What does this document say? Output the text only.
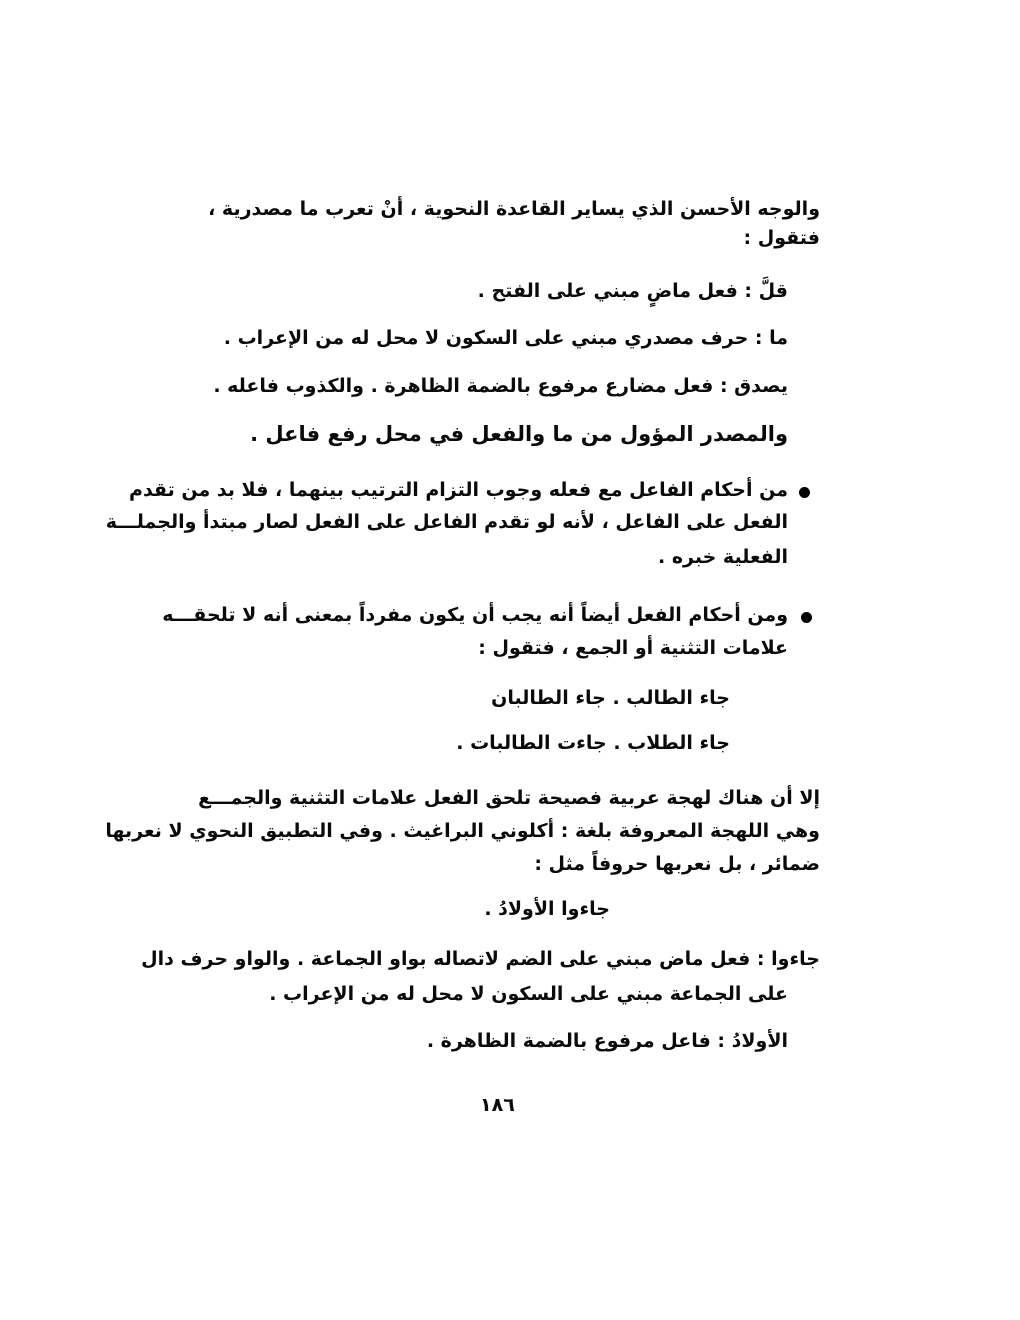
والوجه الأحسن الذي يساير القاعدة النحوية ، أنْ تعرب ما مصدرية ،
فتقول :
قلَّ : فعل ماضٍ مبني على الفتح .
ما : حرف مصدري مبني على السكون لا محل له من الإعراب .
يصدق : فعل مضارع مرفوع بالضمة الظاهرة . والكذوب فاعله .
والمصدر المؤول من ما والفعل في محل رفع فاعل .
من أحكام الفاعل مع فعله وجوب التزام الترتيب بينهما ، فلا بد من تقدم
الفعل على الفاعل ، لأنه لو تقدم الفاعل على الفعل لصار مبتدأ والجملـــة
الفعلية خبره .
ومن أحكام الفعل أيضاً أنه يجب أن يكون مفرداً بمعنى أنه لا تلحقـــه
علامات التثنية أو الجمع ، فتقول :
جاء الطالب . جاء الطالبان
جاء الطلاب . جاءت الطالبات .
إلا أن هناك لهجة عربية فصيحة تلحق الفعل علامات التثنية والجمـــع
وهي اللهجة المعروفة بلغة : أكلوني البراغيث . وفي التطبيق النحوي لا نعربها
ضمائر ، بل نعربها حروفاً مثل :
جاءوا الأولادُ .
جاءوا : فعل ماض مبني على الضم لاتصاله بواو الجماعة . والواو حرف دال
على الجماعة مبني على السكون لا محل له من الإعراب .
الأولادُ : فاعل مرفوع بالضمة الظاهرة .
١٨٦
